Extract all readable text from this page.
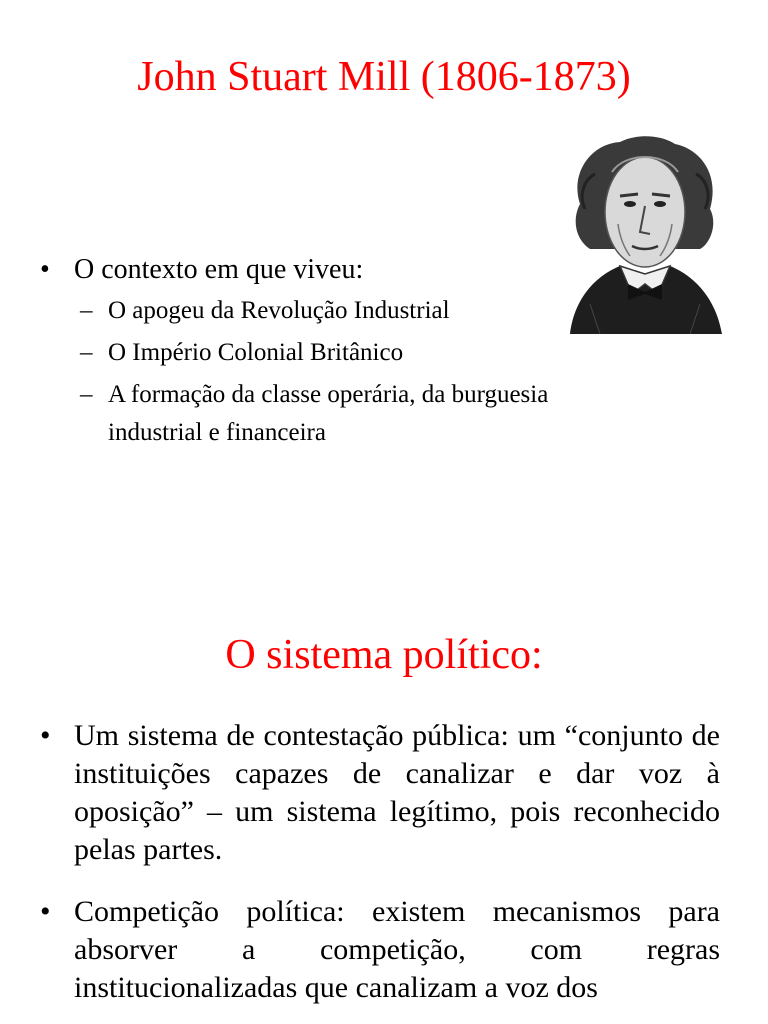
John Stuart Mill (1806-1873)
• O contexto em que viveu:
– O apogeu da Revolução Industrial
– O Império Colonial Britânico
– A formação da classe operária, da burguesia
industrial e financeira
O sistema político:
• Um sistema de contestação pública: um “conjunto de instituições capazes de canalizar e dar voz à oposição” – um sistema legítimo, pois reconhecido pelas partes.

• Competição política: existem mecanismos para absorver a competição, com regras institucionalizadas que canalizam a voz dos
